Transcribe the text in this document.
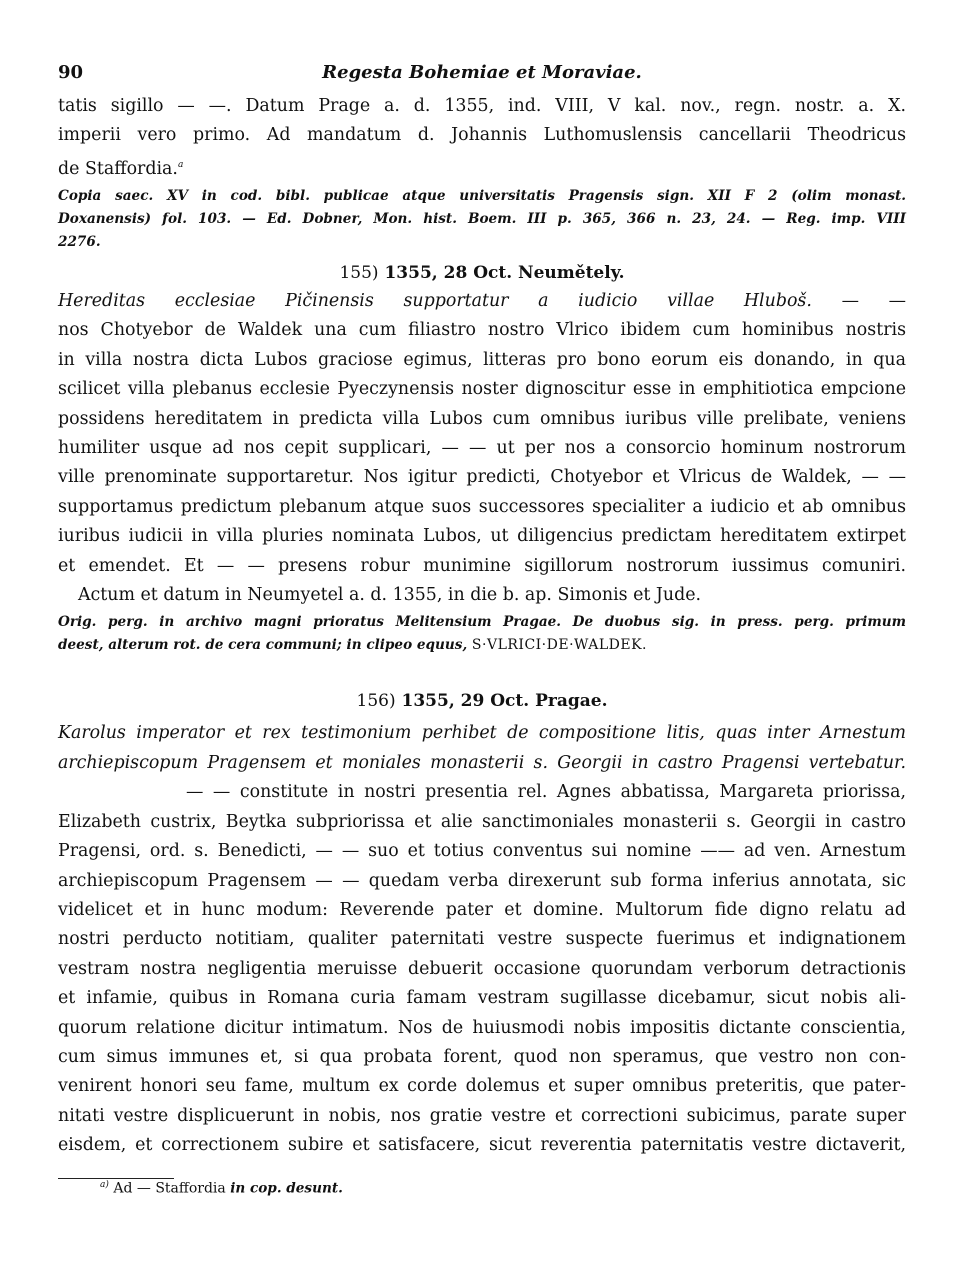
90	Regesta Bohemiae et Moraviae.
tatis sigillo — —. Datum Prage a. d. 1355, ind. VIII, V kal. nov., regn. nostr. a. X.
imperii vero primo. Ad mandatum d. Johannis Luthomuslensis cancellarii Theodricus
de Staffordia.$^a$
Copia saec. XV in cod. bibl. publicae atque universitatis Pragensis sign. XII F 2 (olim monast.
Doxanensis) fol. 103. — Ed. Dobner, Mon. hist. Boem. III p. 365, 366 n. 23, 24. — Reg. imp. VIII
2276.

155) 1355, 28 Oct. Neumětely.

Hereditas ecclesiae Pičinensis supportatur a iudicio villae Hluboš. — —
nos Chotyebor de Waldek una cum filiastro nostro Vlrico ibidem cum hominibus nostris
in villa nostra dicta Lubos graciose egimus, litteras pro bono eorum eis donando, in qua
scilicet villa plebanus ecclesie Pyeczynensis noster dignoscitur esse in emphitiotica empcione
possidens hereditatem in predicta villa Lubos cum omnibus iuribus ville prelibate, veniens
humiliter usque ad nos cepit supplicari, — — ut per nos a consorcio hominum nostrorum
ville prenominate supportaretur. Nos igitur predicti, Chotyebor et Vlricus de Waldek, — —
supportamus predictum plebanum atque suos successores specialiter a iudicio et ab omnibus
iuribus iudicii in villa pluries nominata Lubos, ut diligencius predictam hereditatem extirpet
et emendet. Et — — presens robur munimine sigillorum nostrorum iussimus comuniri.
Actum et datum in Neumyetel a. d. 1355, in die b. ap. Simonis et Jude.
Orig. perg. in archivo magni prioratus Melitensium Pragae. De duobus sig. in press. perg. primum
deest, alterum rot. de cera communi; in clipeo equus, S·VLRICI·DE·WALDEK.

156) 1355, 29 Oct. Pragae.

Karolus imperator et rex testimonium perhibet de compositione litis, quas inter Arnestum
archiepiscopum Pragensem et moniales monasterii s. Georgii in castro Pragensi vertebatur.
— — constitute in nostri presentia rel. Agnes abbatissa, Margareta priorissa,
Elizabeth custrix, Beytka subpriorissa et alie sanctimoniales monasterii s. Georgii in castro
Pragensi, ord. s. Benedicti, — — suo et totius conventus sui nomine —— ad ven. Arnestum
archiepiscopum Pragensem — — quedam verba direxerunt sub forma inferius annotata, sic
videlicet et in hunc modum: Reverende pater et domine. Multorum fide digno relatu ad
nostri perducto notitiam, qualiter paternitati vestre suspecte fuerimus et indignationem
vestram nostra negligentia meruisse debuerit occasione quorundam verborum detractionis
et infamie, quibus in Romana curia famam vestram sugillasse dicebamur, sicut nobis ali-
quorum relatione dicitur intimatum. Nos de huiusmodi nobis impositis dictante conscientia,
cum simus immunes et, si qua probata forent, quod non speramus, que vestro non con-
venirent honori seu fame, multum ex corde dolemus et super omnibus preteritis, que pater-
nitati vestre displicuerunt in nobis, nos gratie vestre et correctioni subicimus, parate super
eisdem, et correctionem subire et satisfacere, sicut reverentia paternitatis vestre dictaverit,
$^{a)}$ Ad — Staffordia in cop. desunt.
